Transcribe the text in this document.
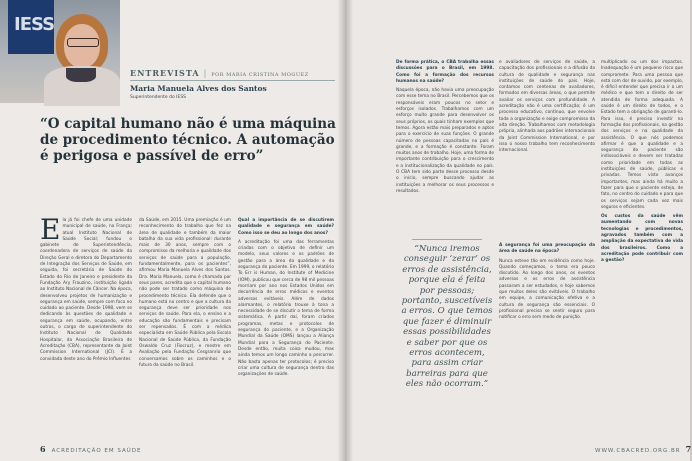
IESS
ENTREVISTA | POR MARIA CRISTINA MOGUEZ
Maria Manuela Alves dos Santos
Superintendente do IESS
“O capital humano não é uma máquina de procedimento técnico. A automação é perigosa e passível de erro”
E la já foi chefe de uma unidade municipal de saúde, na França; atual Instituto Nacional de Saúde Social; fundou o gabinete de Superintendência, coordenadora de serviços de saúde da Direção Geral e diretora do Departamento de Integração dos Serviços de Saúde, em seguida, foi secretária de Saúde do Estado do Rio de Janeiro e presidente da Fundação Ary Frauzino, instituição ligada ao Instituto Nacional de Câncer. Na época, desenvolveu projetos de humanização e segurança em saúde, sempre com foco no cuidado ao paciente. Desde 1998, vem se dedicando às questões de qualidade e segurança em saúde, ocupando, entre outros, o cargo de superintendente do Instituto Nacional de Qualidade Hospitalar, da Associação Brasileira de Acreditação (CBA), representante da Joint Commission International (JCI). É a convidada deste ano do Prêmio Influentes

da Saúde, em 2015. Uma premiação é um reconhecimento do trabalho que fez na área de qualidade e também da maior batalha da sua vida profissional: durante mais de 30 anos, sempre com o compromisso da melhoria e qualidade dos serviços de saúde para a população, fundamentalmente, para os pacientes”, afirmou Maria Manuela Alves dos Santos. Dra. Maria Manuela, como é chamada por seus pares, acredita que o capital humano não pode ser tratado como máquina de procedimento técnico. Ela defende que o humano está no centro e que a cultura da segurança deve ser prioridade nos serviços de saúde. Para ela, o ensino e a educação são fundamentais e precisam ser repensados. É com a médica especialista em Saúde Pública pela Escola Nacional de Saúde Pública, da Fundação Oswaldo Cruz (Fiocruz), e mestre em Avaliação pela Fundação Cesgranrio que conversamos sobre os caminhos e o futuro da saúde no Brasil.

Qual a importância de se discutirem qualidade e segurança em saúde? Como isso se deu ao longo dos anos?

A acreditação foi uma das ferramentas criadas com o objetivo de definir um modelo, seus valores e os padrões de gestão para a área da qualidade e da segurança do paciente. Em 1999, o relatório To Err is Human, do Institute of Medicine (IOM), publicou que cerca de 98 mil pessoas morriam por ano nos Estados Unidos em decorrência de erros médicos e eventos adversos evitáveis. Além de dados alarmantes, o relatório trouxe à tona a necessidade de se discutir o tema de forma sistemática. A partir daí, foram criados programas, metas e protocolos de segurança do paciente, e a Organização Mundial da Saúde (OMS) lançou a Aliança Mundial para a Segurança do Paciente. Desde então, muita coisa mudou, mas ainda temos um longo caminho a percorrer. Não basta apenas ter protocolos; é preciso criar uma cultura de segurança dentro das organizações de saúde.

6 ACREDITAÇÃO EM SAÚDE

De forma prática, o CBA trabalha essas discussões para o Brasil, em 1998. Como foi a formação dos recursos humanos na saúde?

Naquela época, não havia uma preocupação com esse tema no Brasil. Percebemos que os responsáveis eram poucos no setor e esforços isolados. Trabalhamos com um esforço muito grande para desenvolver os seus próprios, os quais tinham exemplos que temos. Agora estão mais preparados e aptos para o exercício de suas funções. O grande número de pessoas capacitadas no país é grande, e a formação é constante. Foram muitos anos de trabalho. Hoje, uma forma de importante contribuição para o crescimento e a institucionalização da qualidade no país. O CBA tem sido parte desse processo desde o início, sempre buscando ajudar as instituições a melhorar os seus processos e resultados.

e avaliadores de serviços de saúde, a capacitação dos profissionais e a difusão da cultura de qualidade e segurança nas instituições de saúde do país. Hoje, contamos com centenas de avaliadores, formados em diversas áreas, o que permite avaliar os serviços com profundidade. A acreditação não é uma certificação; é um processo educativo, contínuo, que envolve toda a organização e exige compromisso da alta direção. Trabalhamos com metodologia própria, alinhada aos padrões internacionais da Joint Commission International, e por isso o nosso trabalho tem reconhecimento internacional.

A segurança foi uma preocupação da área de saúde na época?

Nunca esteve tão em evidência como hoje. Quando começamos, o tema era pouco discutido. Ao longo dos anos, os eventos adversos e os erros de assistência passaram a ser estudados, e hoje sabemos que muitos deles são evitáveis. O trabalho em equipe, a comunicação efetiva e a cultura de segurança são essenciais. O profissional precisa se sentir seguro para notificar o erro sem medo de punição.

multiplicado ou um dos impactos. Inadequação é um pequeno risco que compromete. Para uma pessoa que está com dor de ouvido, por exemplo, é difícil entender que precisa ir a um médico e que tem o direito de ser atendida de forma adequada. A saúde é um direito de todos, e o Estado tem a obrigação de garanti-lo. Para isso, é preciso investir na formação dos profissionais, na gestão dos serviços e na qualidade da assistência. O que nós podemos afirmar é que a qualidade e a segurança do paciente são indissociáveis e devem ser tratadas como prioridade em todas as instituições de saúde, públicas e privadas. Temos visto avanços importantes, mas ainda há muito a fazer para que o paciente esteja, de fato, no centro do cuidado e para que os serviços sejam cada vez mais seguros e eficientes.

Os custos da saúde vêm aumentando com novas tecnologias e procedimentos, agravados também com a ampliação da expectativa de vida dos brasileiros. Como a acreditação pode contribuir com a gestão?

WWW.CBACRED.ORG.BR 7
“Nunca iremos conseguir ‘zerar’ os erros de assistência, porque ela é feita por pessoas; portanto, suscetíveis a erros. O que temos que fazer é diminuir essas possibilidades e saber por que os erros acontecem, para assim criar barreiras para que eles não ocorram.”
